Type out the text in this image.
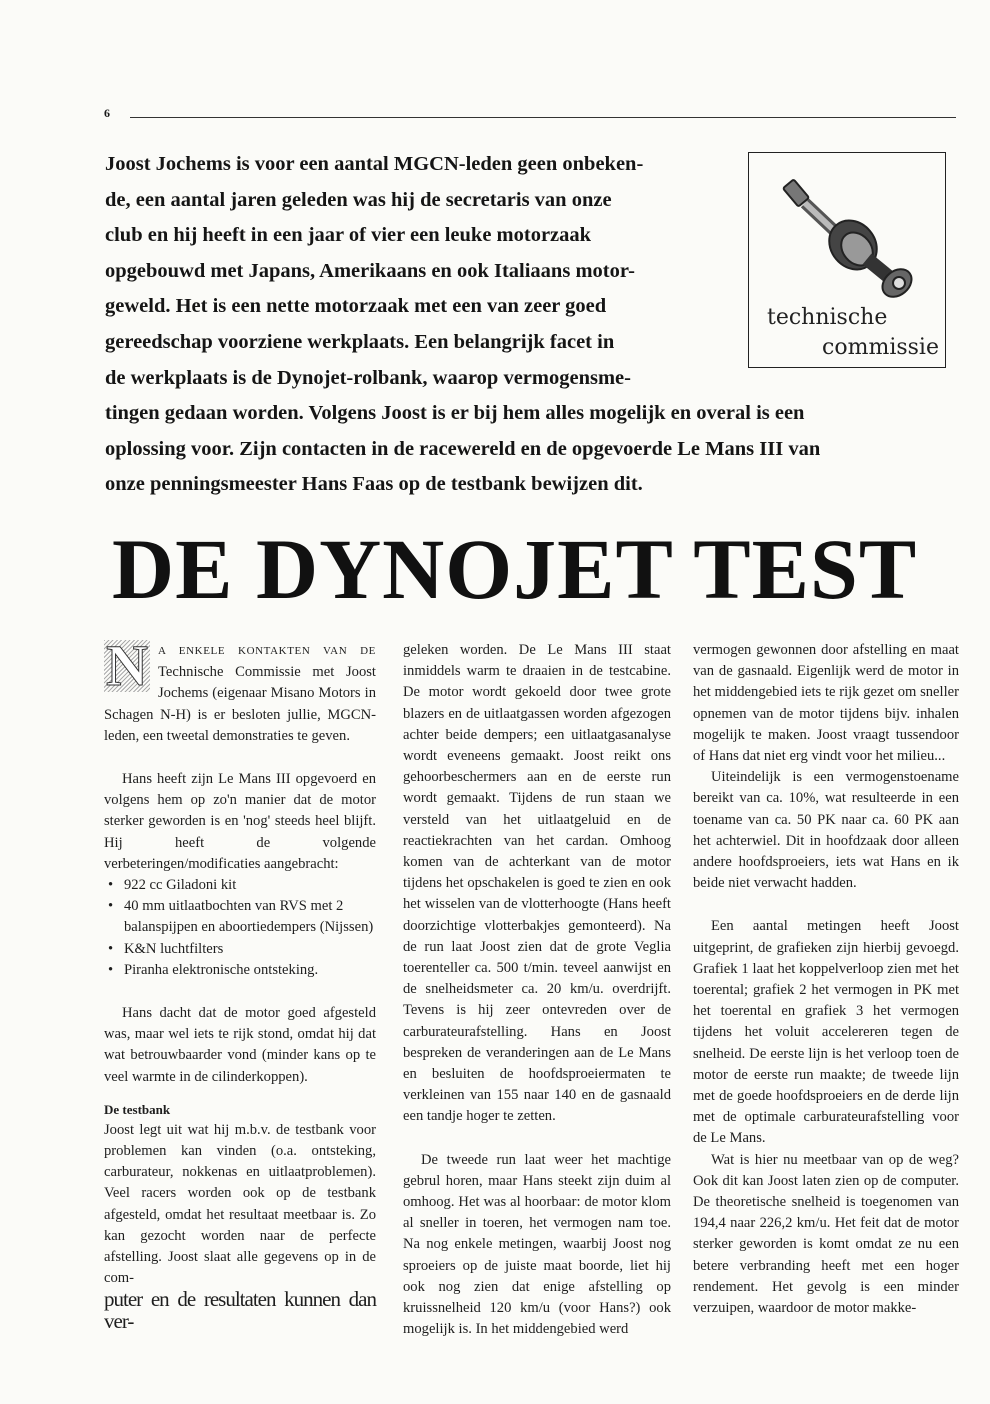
6
Joost Jochems is voor een aantal MGCN-leden geen onbeken-
de, een aantal jaren geleden was hij de secretaris van onze
club en hij heeft in een jaar of vier een leuke motorzaak
opgebouwd met Japans, Amerikaans en ook Italiaans motor-
geweld. Het is een nette motorzaak met een van zeer goed
gereedschap voorziene werkplaats. Een belangrijk facet in
de werkplaats is de Dynojet-rolbank, waarop vermogensme-
tingen gedaan worden. Volgens Joost is er bij hem alles mogelijk en overal is een
oplossing voor. Zijn contacten in de racewereld en de opgevoerde Le Mans III van
onze penningsmeester Hans Faas op de testbank bewijzen dit.
technische
commissie
DE DYNOJET TEST

N A ENKELE KONTAKTEN VAN DE Technische Commissie met Joost Jochems (eigenaar Misano Motors in Schagen N-H) is er besloten jullie, MGCN-leden, een tweetal demonstraties te geven.

Hans heeft zijn Le Mans III opgevoerd en volgens hem op zo'n manier dat de motor sterker geworden is en 'nog' steeds heel blijft. Hij heeft de volgende verbeteringen/modificaties aangebracht:

• 922 cc Giladoni kit
• 40 mm uitlaatbochten van RVS met 2 balanspijpen en aboortiedempers (Nijssen)
• K&N luchtfilters
• Piranha elektronische ontsteking.

Hans dacht dat de motor goed afgesteld was, maar wel iets te rijk stond, omdat hij dat wat betrouwbaarder vond (minder kans op te veel warmte in de cilinderkoppen).

De testbank

Joost legt uit wat hij m.b.v. de testbank voor problemen kan vinden (o.a. ontsteking, carburateur, nokkenas en uitlaatproblemen). Veel racers worden ook op de testbank afgesteld, omdat het resultaat meetbaar is. Zo kan gezocht worden naar de perfecte afstelling. Joost slaat alle gegevens op in de com-

puter en de resultaten kunnen dan ver-

geleken worden. De Le Mans III staat inmiddels warm te draaien in de testcabine. De motor wordt gekoeld door twee grote blazers en de uitlaatgassen worden afgezogen achter beide dempers; een uitlaatgasanalyse wordt eveneens gemaakt. Joost reikt ons gehoorbeschermers aan en de eerste run wordt gemaakt. Tijdens de run staan we versteld van het uitlaatgeluid en de reactiekrachten van het cardan. Omhoog komen van de achterkant van de motor tijdens het opschakelen is goed te zien en ook het wisselen van de vlotterhoogte (Hans heeft doorzichtige vlotterbakjes gemonteerd). Na de run laat Joost zien dat de grote Veglia toerenteller ca. 500 t/min. teveel aanwijst en de snelheidsmeter ca. 20 km/u. overdrijft. Tevens is hij zeer ontevreden over de carburateurafstelling. Hans en Joost bespreken de veranderingen aan de Le Mans en besluiten de hoofdsproeiermaten te verkleinen van 155 naar 140 en de gasnaald een tandje hoger te zetten.

De tweede run laat weer het machtige gebrul horen, maar Hans steekt zijn duim al omhoog. Het was al hoorbaar: de motor klom al sneller in toeren, het vermogen nam toe. Na nog enkele metingen, waarbij Joost nog sproeiers op de juiste maat boorde, liet hij ook nog zien dat enige afstelling op kruissnelheid 120 km/u (voor Hans?) ook mogelijk is. In het middengebied werd

vermogen gewonnen door afstelling en maat van de gasnaald. Eigenlijk werd de motor in het middengebied iets te rijk gezet om sneller opnemen van de motor tijdens bijv. inhalen mogelijk te maken. Joost vraagt tussendoor of Hans dat niet erg vindt voor het milieu...

Uiteindelijk is een vermogenstoename bereikt van ca. 10%, wat resulteerde in een toename van ca. 50 PK naar ca. 60 PK aan het achterwiel. Dit in hoofdzaak door alleen andere hoofdsproeiers, iets wat Hans en ik beide niet verwacht hadden.

Een aantal metingen heeft Joost uitgeprint, de grafieken zijn hierbij gevoegd. Grafiek 1 laat het koppelverloop zien met het toerental; grafiek 2 het vermogen in PK met het toerental en grafiek 3 het vermogen tijdens het voluit accelereren tegen de snelheid. De eerste lijn is het verloop toen de motor de eerste run maakte; de tweede lijn met de goede hoofdsproeiers en de derde lijn met de optimale carburateurafstelling voor de Le Mans.

Wat is hier nu meetbaar van op de weg? Ook dit kan Joost laten zien op de computer. De theoretische snelheid is toegenomen van 194,4 naar 226,2 km/u. Het feit dat de motor sterker geworden is komt omdat ze nu een betere verbranding heeft met een hoger rendement. Het gevolg is een minder verzuipen, waardoor de motor makke-
